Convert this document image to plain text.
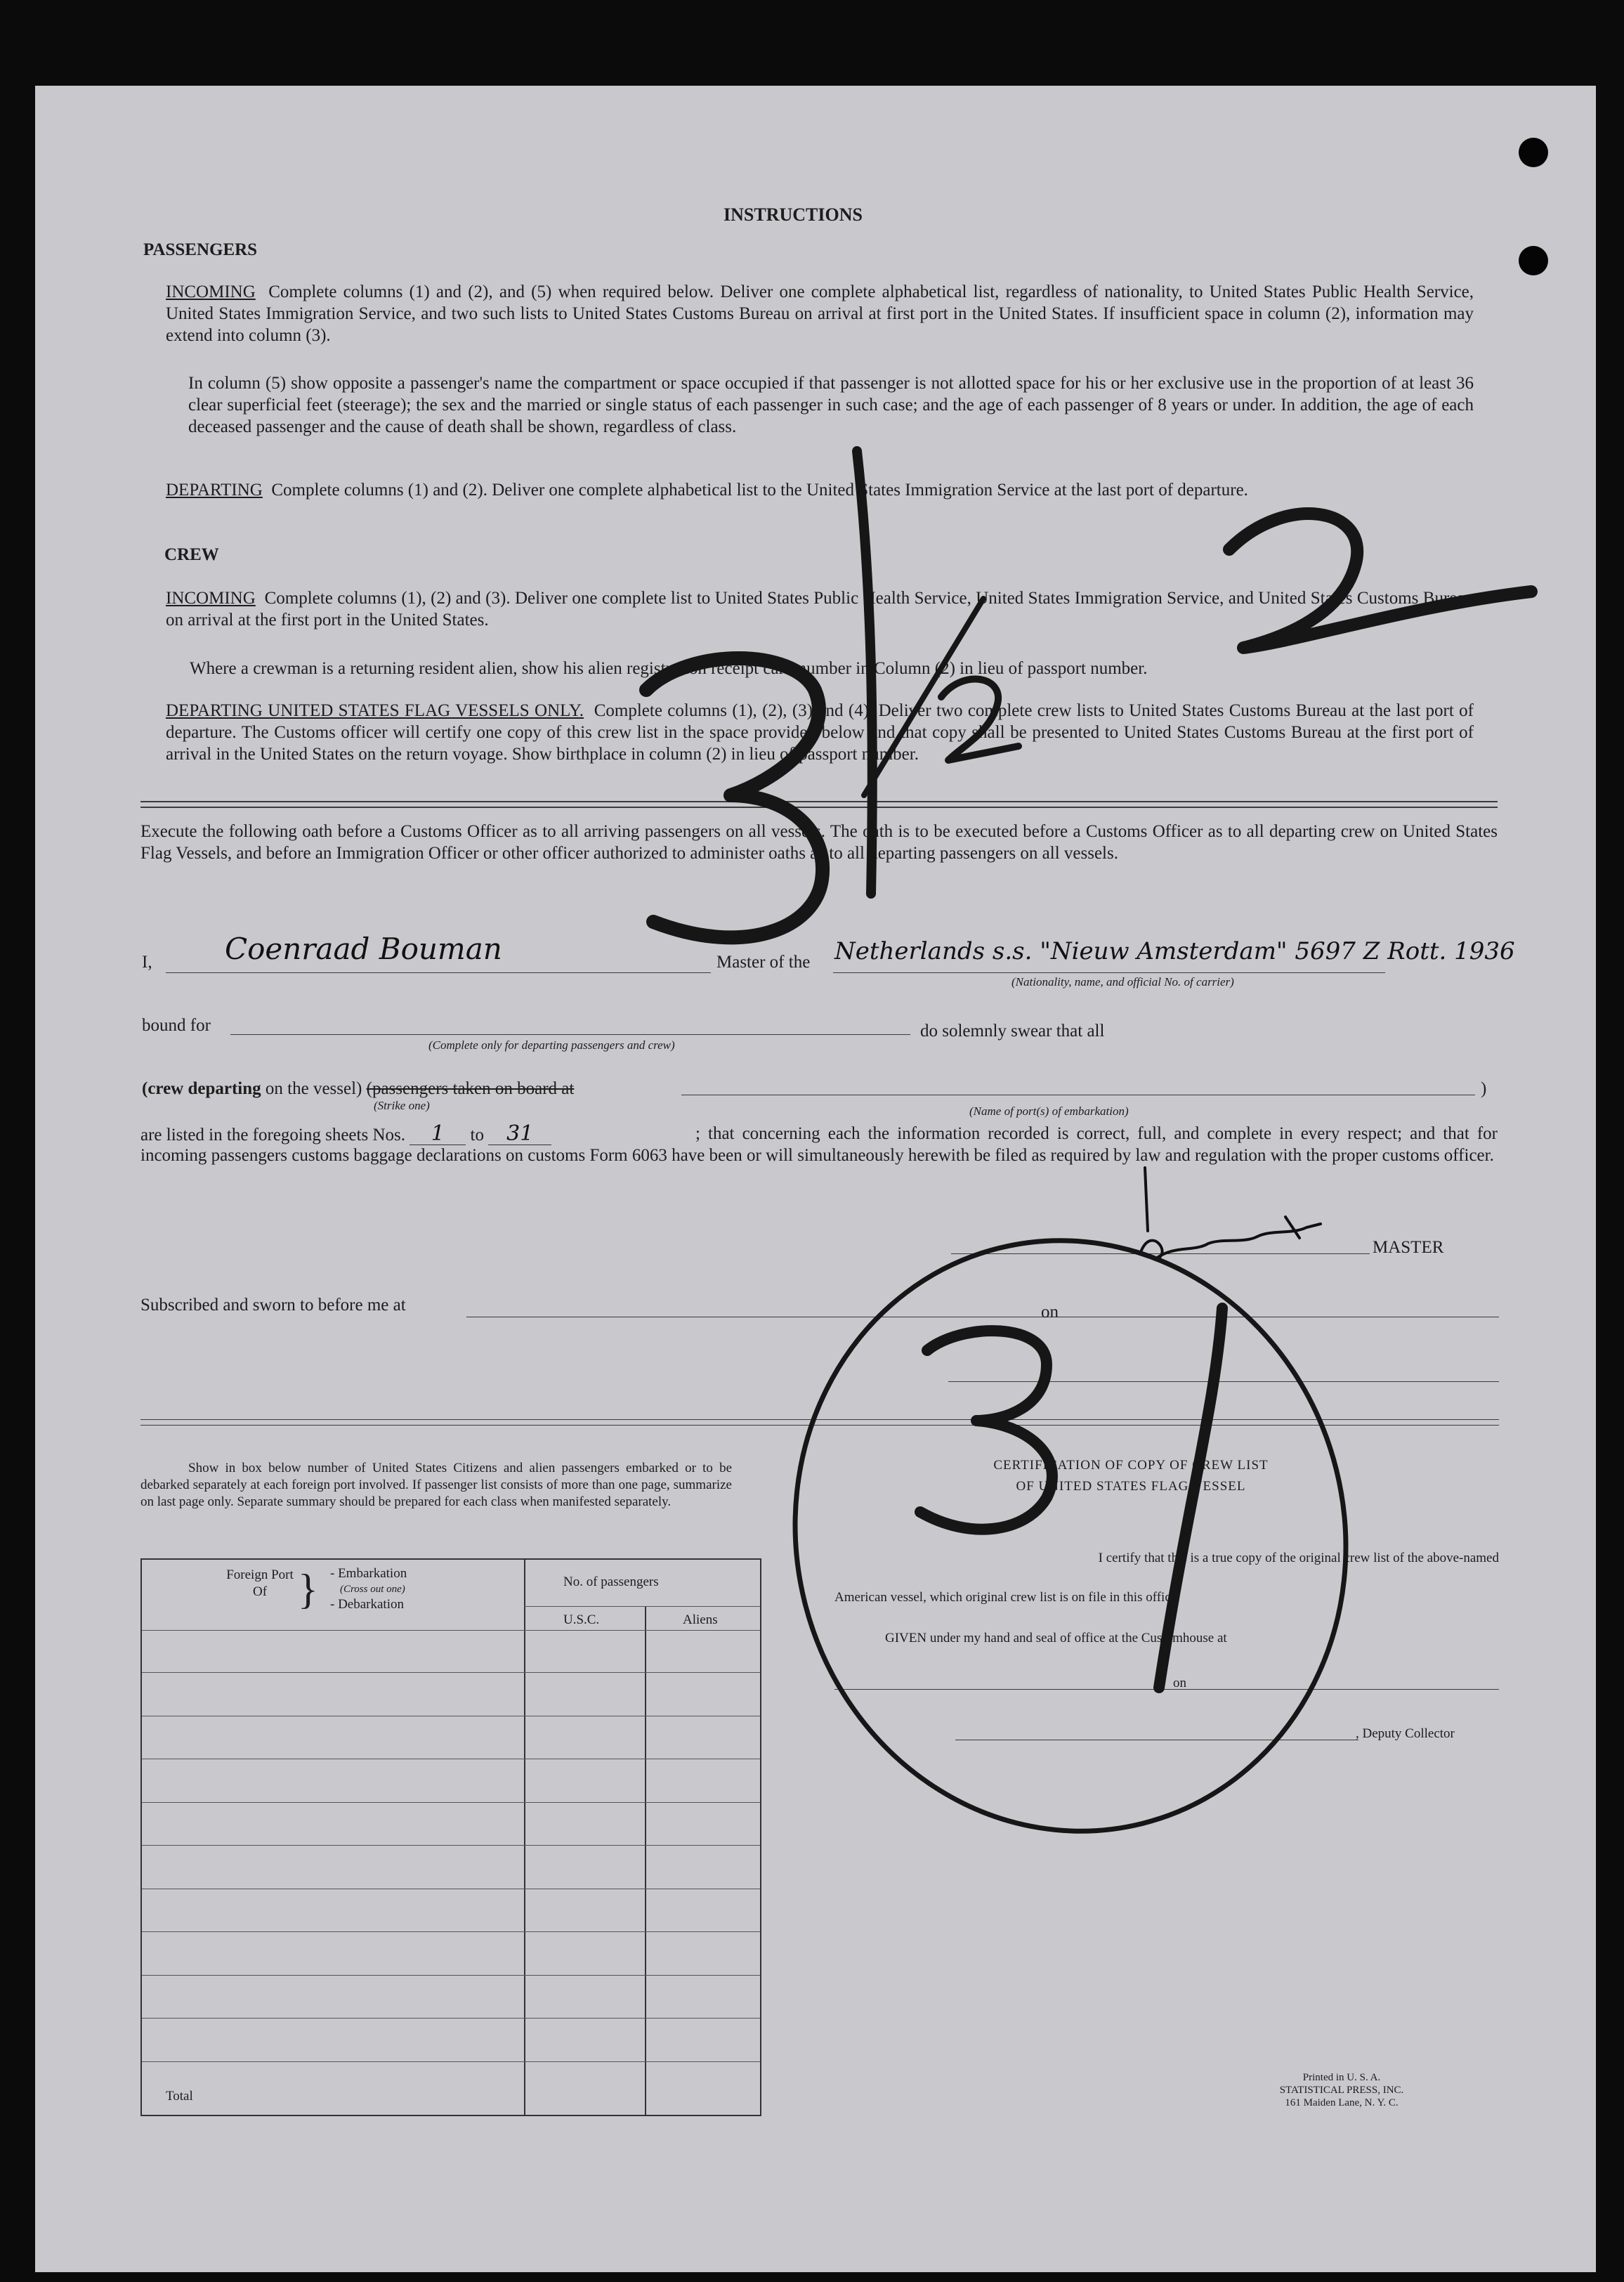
INSTRUCTIONS
PASSENGERS
INCOMING Complete columns (1) and (2), and (5) when required below. Deliver one complete alphabetical list, regardless of nationality, to United States Public Health Service, United States Immigration Service, and two such lists to United States Customs Bureau on arrival at first port in the United States. If insufficient space in column (2), information may extend into column (3).
In column (5) show opposite a passenger's name the compartment or space occupied if that passenger is not allotted space for his or her exclusive use in the proportion of at least 36 clear superficial feet (steerage); the sex and the married or single status of each passenger in such case; and the age of each passenger of 8 years or under. In addition, the age of each deceased passenger and the cause of death shall be shown, regardless of class.
DEPARTING Complete columns (1) and (2). Deliver one complete alphabetical list to the United States Immigration Service at the last port of departure.
CREW
INCOMING Complete columns (1), (2) and (3). Deliver one complete list to United States Public Health Service, United States Immigration Service, and United States Customs Bureau on arrival at the first port in the United States.
Where a crewman is a returning resident alien, show his alien registration receipt card number in Column (2) in lieu of passport number.
DEPARTING UNITED STATES FLAG VESSELS ONLY. Complete columns (1), (2), (3) and (4). Deliver two complete crew lists to United States Customs Bureau at the last port of departure. The Customs officer will certify one copy of this crew list in the space provided below and that copy shall be presented to United States Customs Bureau at the first port of arrival in the United States on the return voyage. Show birthplace in column (2) in lieu of passport number.
Execute the following oath before a Customs Officer as to all arriving passengers on all vessels. The oath is to be executed before a Customs Officer as to all departing crew on United States Flag Vessels, and before an Immigration Officer or other officer authorized to administer oaths as to all departing passengers on all vessels.
I, Coenraad Bouman	Master of the Netherlands s.s. "Nieuw Amsterdam" 5697 Z Rott. 1936
(Nationality, name, and official No. of carrier)
bound for
(Complete only for departing passengers and crew)
do solemnly swear that all
(crew departing on the vessel) (passengers taken on board at	)
(Strike one)	(Name of port(s) of embarkation)
are listed in the foregoing sheets Nos. 1 to 31	; that concerning each the information recorded is correct, full, and complete in every respect; and that for incoming passengers customs baggage declarations on customs Form 6063 have been or will simultaneously herewith be filed as required by law and regulation with the proper customs officer.
MASTER
Subscribed and sworn to before me at	on
Show in box below number of United States Citizens and alien passengers embarked or to be debarked separately at each foreign port involved. If passenger list consists of more than one page, summarize on last page only. Separate summary should be prepared for each class when manifested separately.
Foreign Port Of } - Embarkation
(Cross out one)
- Debarkation
No. of passengers
U.S.C.	Aliens
Total
CERTIFICATION OF COPY OF CREW LIST
OF UNITED STATES FLAG VESSEL
I certify that this is a true copy of the original crew list of the above-named
American vessel, which original crew list is on file in this office.
GIVEN under my hand and seal of office at the Customhouse at
on
, Deputy Collector
Printed in U. S. A.
STATISTICAL PRESS, INC.
161 Maiden Lane, N. Y. C.
